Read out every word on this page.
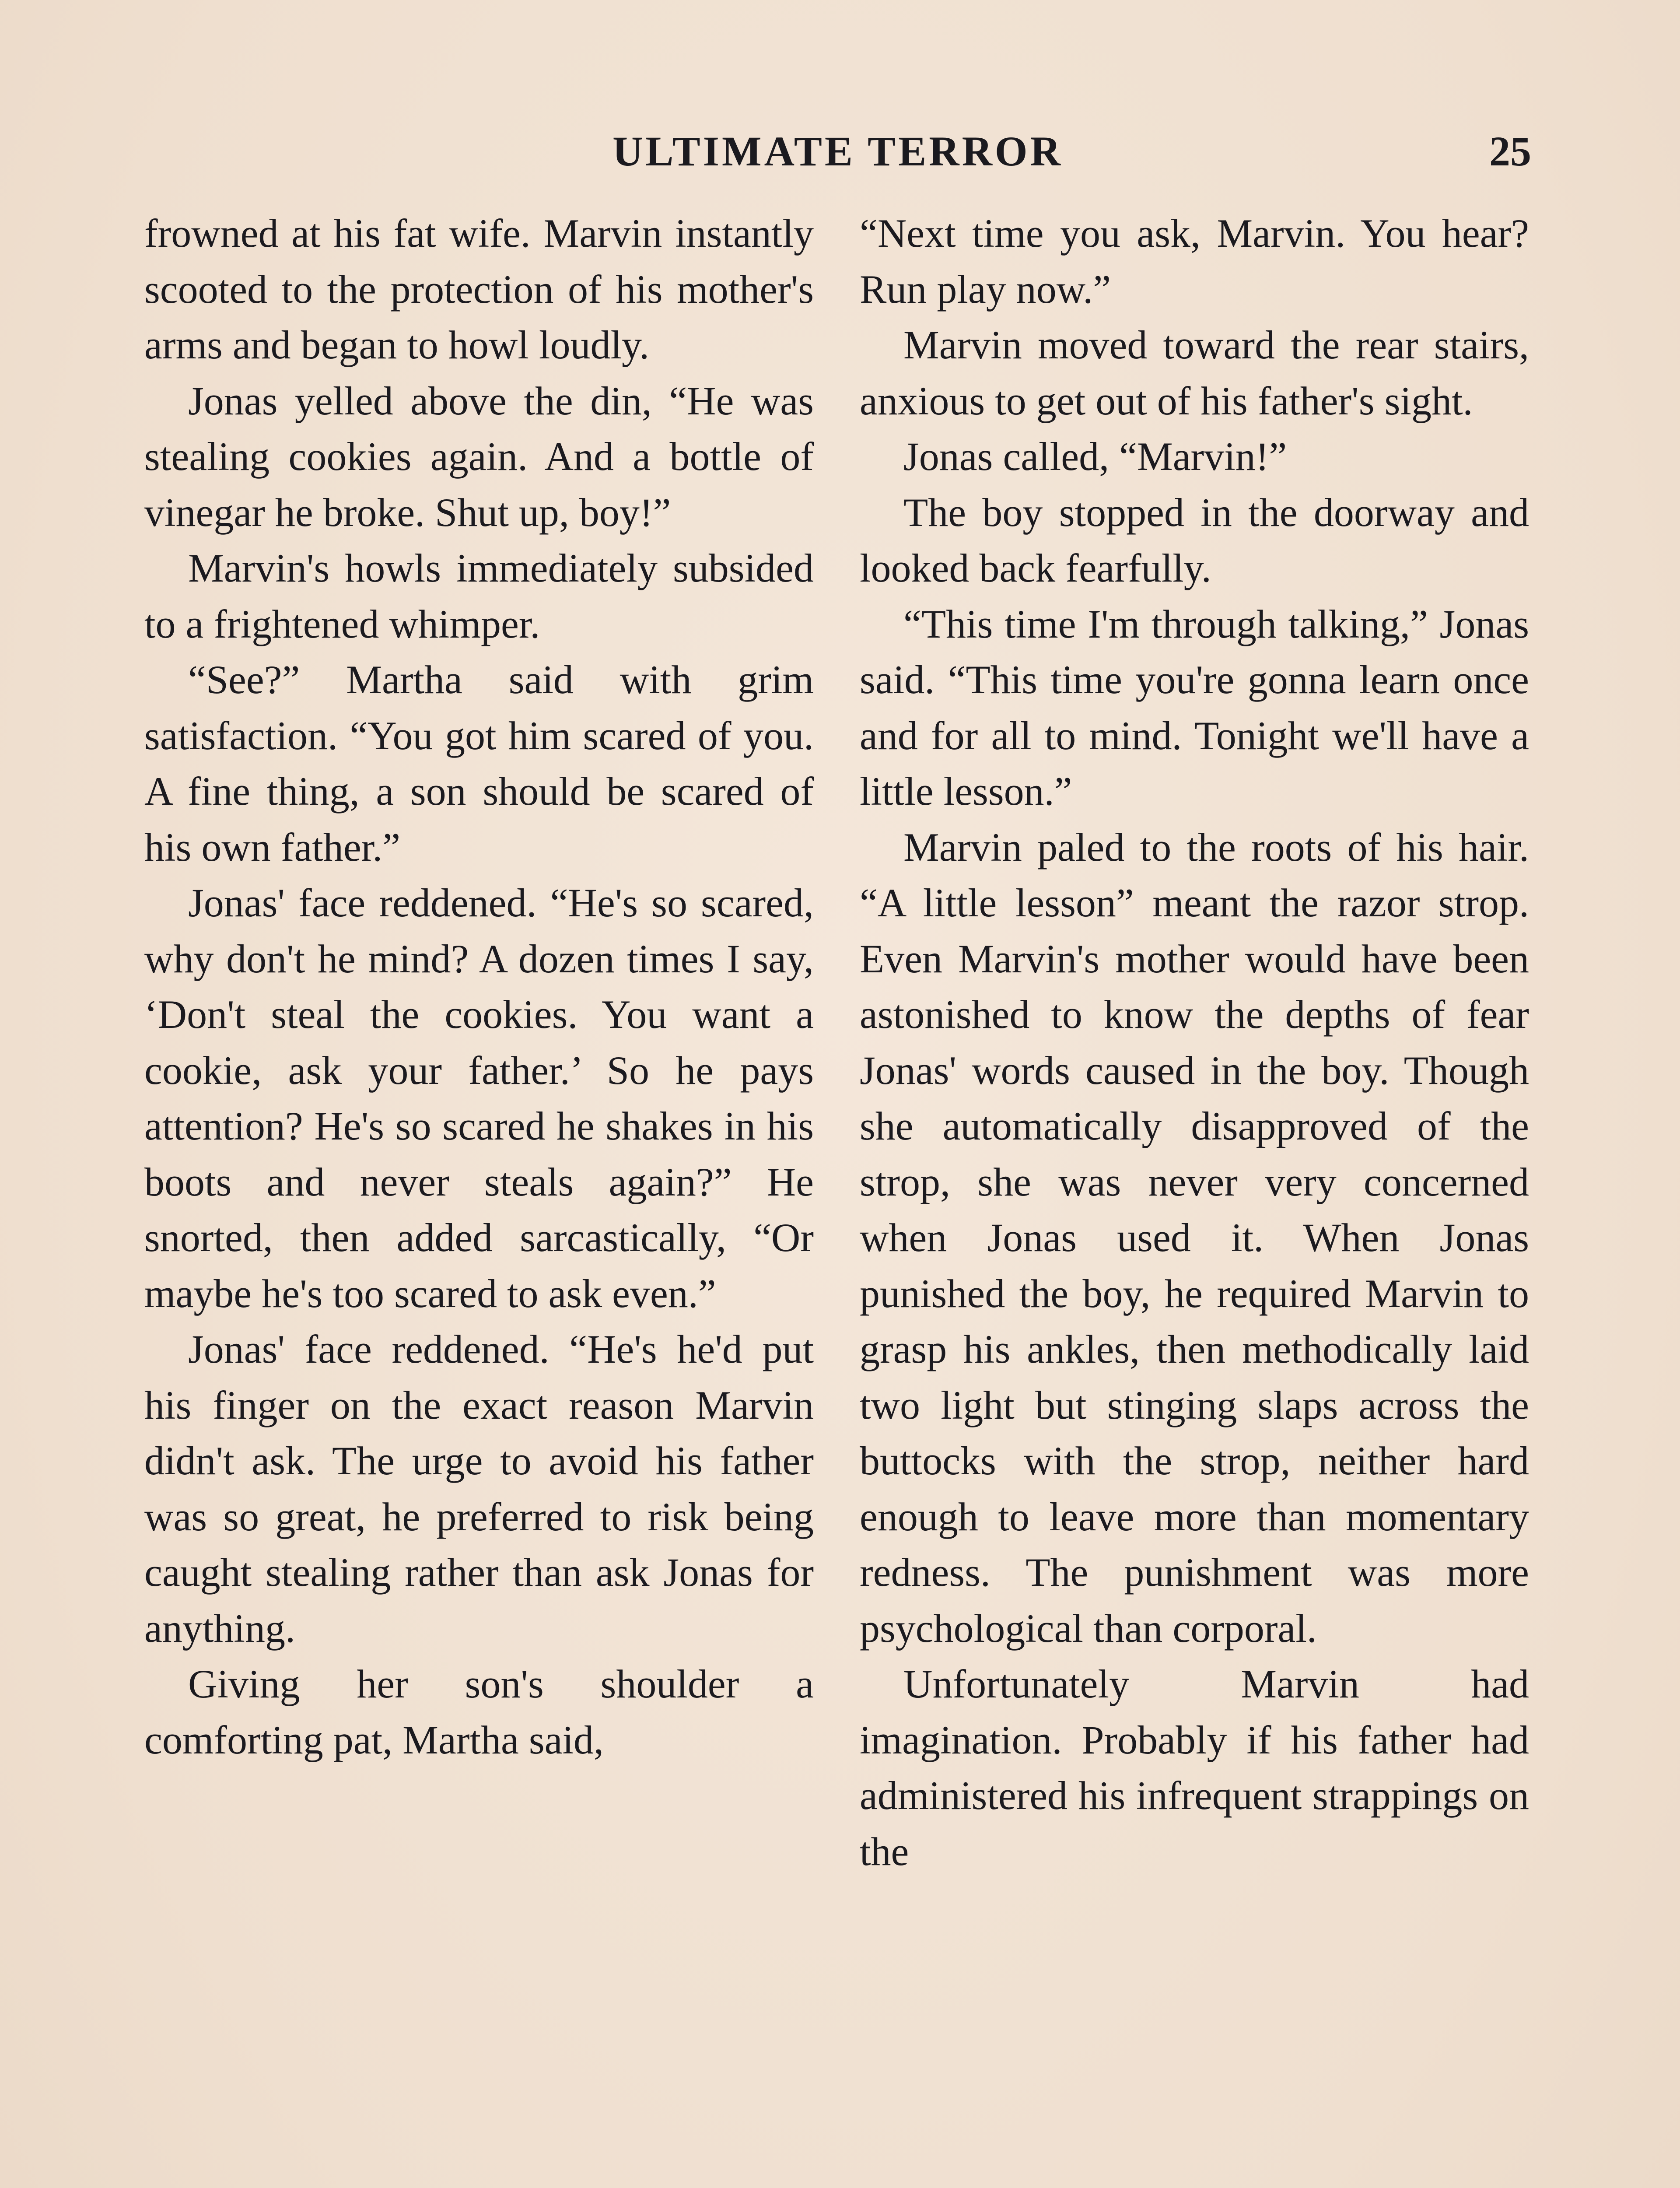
ULTIMATE TERROR	25

frowned at his fat wife. Marvin instantly scooted to the protection of his mother's arms and began to howl loudly.

Jonas yelled above the din, “He was stealing cookies again. And a bottle of vinegar he broke. Shut up, boy!”

Marvin's howls immediately subsided to a frightened whimper.

“See?” Martha said with grim satisfaction. “You got him scared of you. A fine thing, a son should be scared of his own father.”

Jonas' face reddened. “He's so scared, why don't he mind? A dozen times I say, ‘Don't steal the cookies. You want a cookie, ask your father.’ So he pays attention? He's so scared he shakes in his boots and never steals again?” He snorted, then added sarcastically, “Or maybe he's too scared to ask even.”

Jonas' face reddened. “He's he'd put his finger on the exact reason Marvin didn't ask. The urge to avoid his father was so great, he preferred to risk being caught stealing rather than ask Jonas for anything.

Giving her son's shoulder a comforting pat, Martha said,

“Next time you ask, Marvin. You hear? Run play now.”

Marvin moved toward the rear stairs, anxious to get out of his father's sight.

Jonas called, “Marvin!”

The boy stopped in the doorway and looked back fearfully.

“This time I'm through talking,” Jonas said. “This time you're gonna learn once and for all to mind. Tonight we'll have a little lesson.”

Marvin paled to the roots of his hair. “A little lesson” meant the razor strop. Even Marvin's mother would have been astonished to know the depths of fear Jonas' words caused in the boy. Though she automatically disapproved of the strop, she was never very concerned when Jonas used it. When Jonas punished the boy, he required Marvin to grasp his ankles, then methodically laid two light but stinging slaps across the buttocks with the strop, neither hard enough to leave more than momentary redness. The punishment was more psychological than corporal.

Unfortunately Marvin had imagination. Probably if his father had administered his infrequent strappings on the
